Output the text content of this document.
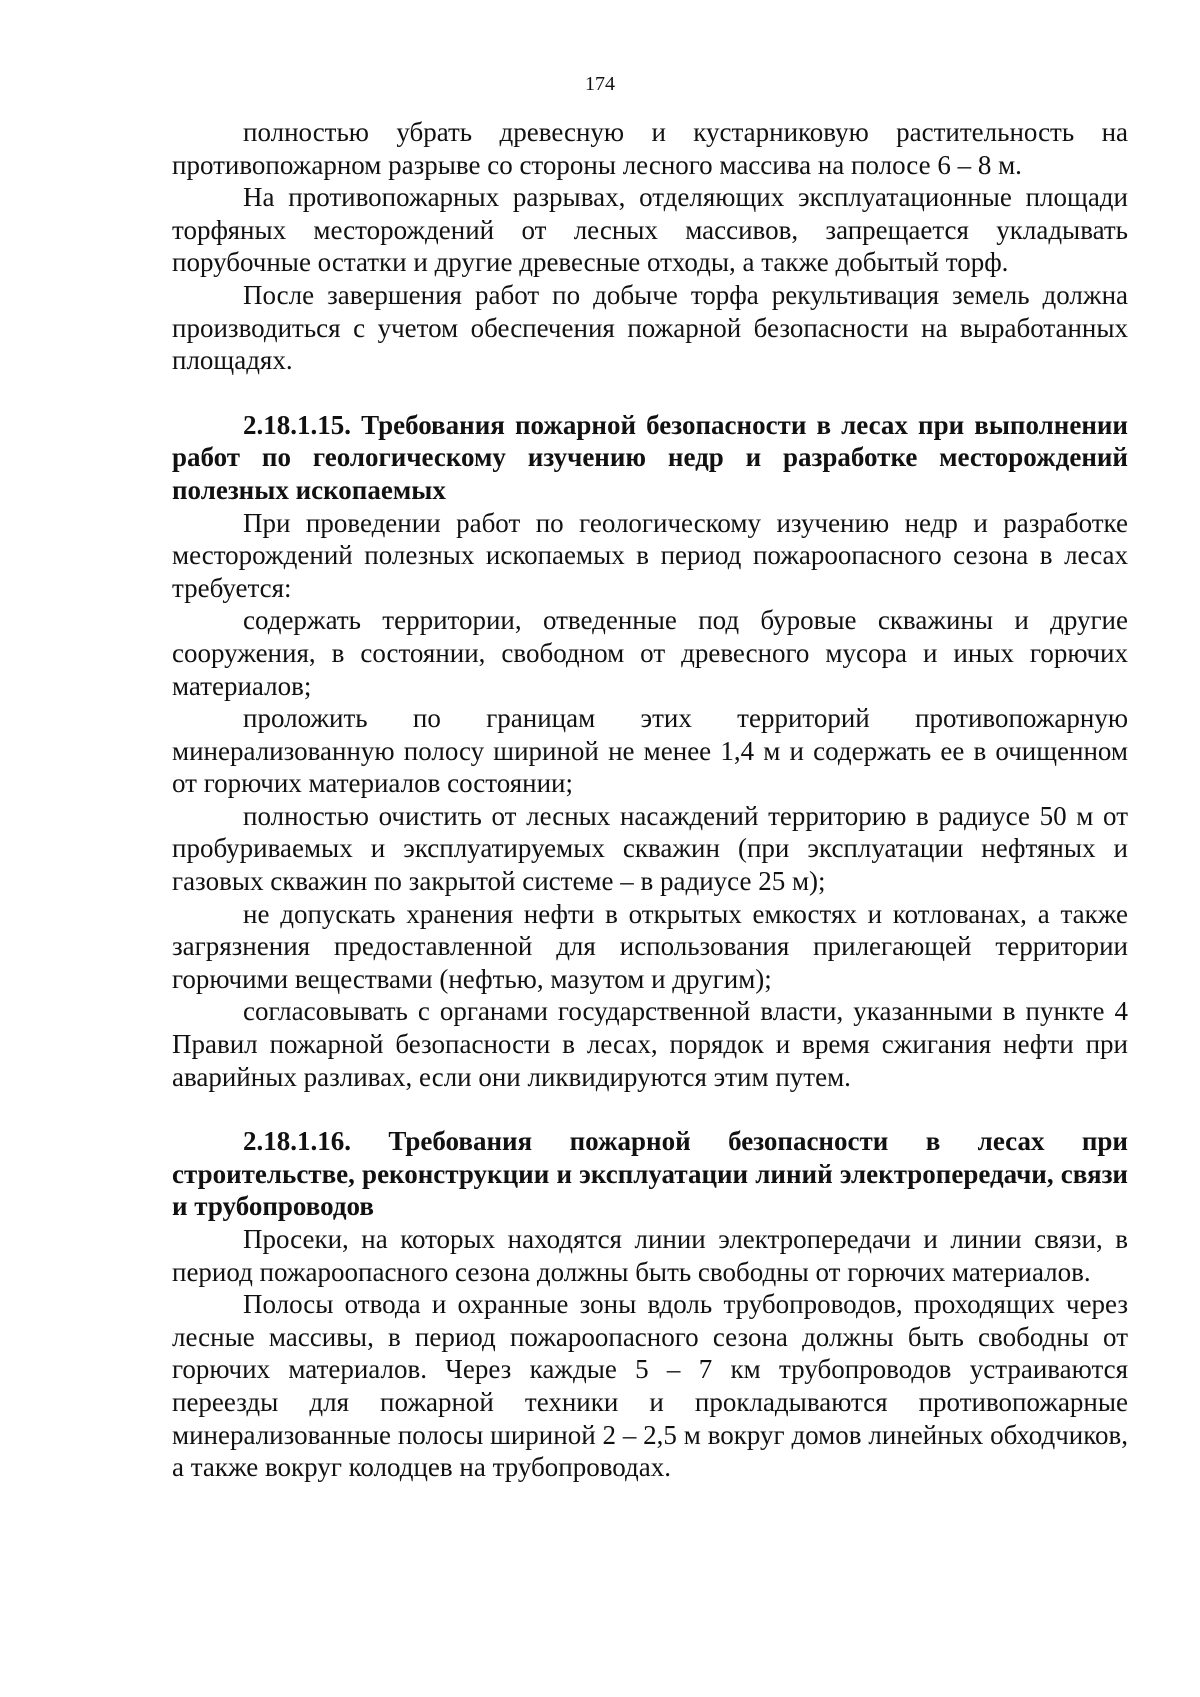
174

полностью убрать древесную и кустарниковую растительность на противопожарном разрыве со стороны лесного массива на полосе 6 – 8 м.

На противопожарных разрывах, отделяющих эксплуатационные площади торфяных месторождений от лесных массивов, запрещается укладывать порубочные остатки и другие древесные отходы, а также добытый торф.

После завершения работ по добыче торфа рекультивация земель должна производиться с учетом обеспечения пожарной безопасности на выработанных площадях.

2.18.1.15. Требования пожарной безопасности в лесах при выполнении работ по геологическому изучению недр и разработке месторождений полезных ископаемых

При проведении работ по геологическому изучению недр и разработке месторождений полезных ископаемых в период пожароопасного сезона в лесах требуется:

содержать территории, отведенные под буровые скважины и другие сооружения, в состоянии, свободном от древесного мусора и иных горючих материалов;

проложить по границам этих территорий противопожарную минерализованную полосу шириной не менее 1,4 м и содержать ее в очищенном от горючих материалов состоянии;

полностью очистить от лесных насаждений территорию в радиусе 50 м от пробуриваемых и эксплуатируемых скважин (при эксплуатации нефтяных и газовых скважин по закрытой системе – в радиусе 25 м);

не допускать хранения нефти в открытых емкостях и котлованах, а также загрязнения предоставленной для использования прилегающей территории горючими веществами (нефтью, мазутом и другим);

согласовывать с органами государственной власти, указанными в пункте 4 Правил пожарной безопасности в лесах, порядок и время сжигания нефти при аварийных разливах, если они ликвидируются этим путем.

2.18.1.16. Требования пожарной безопасности в лесах при строительстве, реконструкции и эксплуатации линий электропередачи, связи и трубопроводов

Просеки, на которых находятся линии электропередачи и линии связи, в период пожароопасного сезона должны быть свободны от горючих материалов.

Полосы отвода и охранные зоны вдоль трубопроводов, проходящих через лесные массивы, в период пожароопасного сезона должны быть свободны от горючих материалов. Через каждые 5 – 7 км трубопроводов устраиваются переезды для пожарной техники и прокладываются противопожарные минерализованные полосы шириной 2 – 2,5 м вокруг домов линейных обходчиков, а также вокруг колодцев на трубопроводах.
